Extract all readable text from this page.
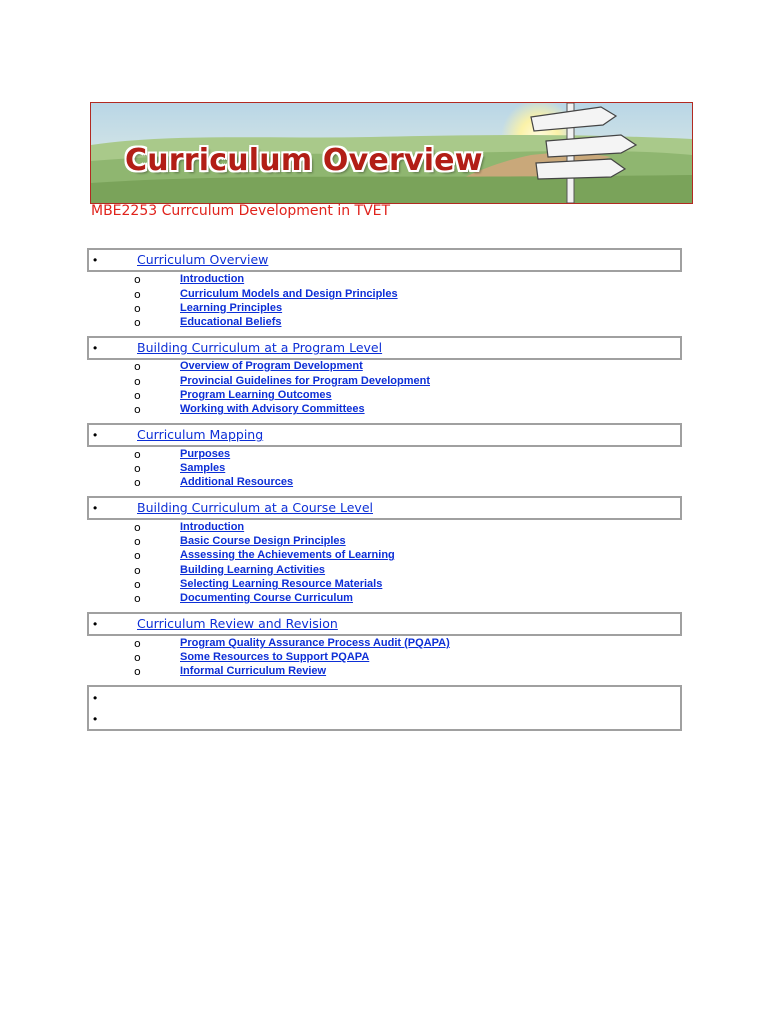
Curriculum Overview
MBE2253 Currculum Development in TVET
•	Curriculum Overview
o	Introduction
o	Curriculum Models and Design Principles
o	Learning Principles
o	Educational Beliefs
•	Building Curriculum at a Program Level
o	Overview of Program Development
o	Provincial Guidelines for Program Development
o	Program Learning Outcomes
o	Working with Advisory Committees
•	Curriculum Mapping
o	Purposes
o	Samples
o	Additional Resources
•	Building Curriculum at a Course Level
o	Introduction
o	Basic Course Design Principles
o	Assessing the Achievements of Learning
o	Building Learning Activities
o	Selecting Learning Resource Materials
o	Documenting Course Curriculum
•	Curriculum Review and Revision
o	Program Quality Assurance Process Audit (PQAPA)
o	Some Resources to Support PQAPA
o	Informal Curriculum Review
•
•
